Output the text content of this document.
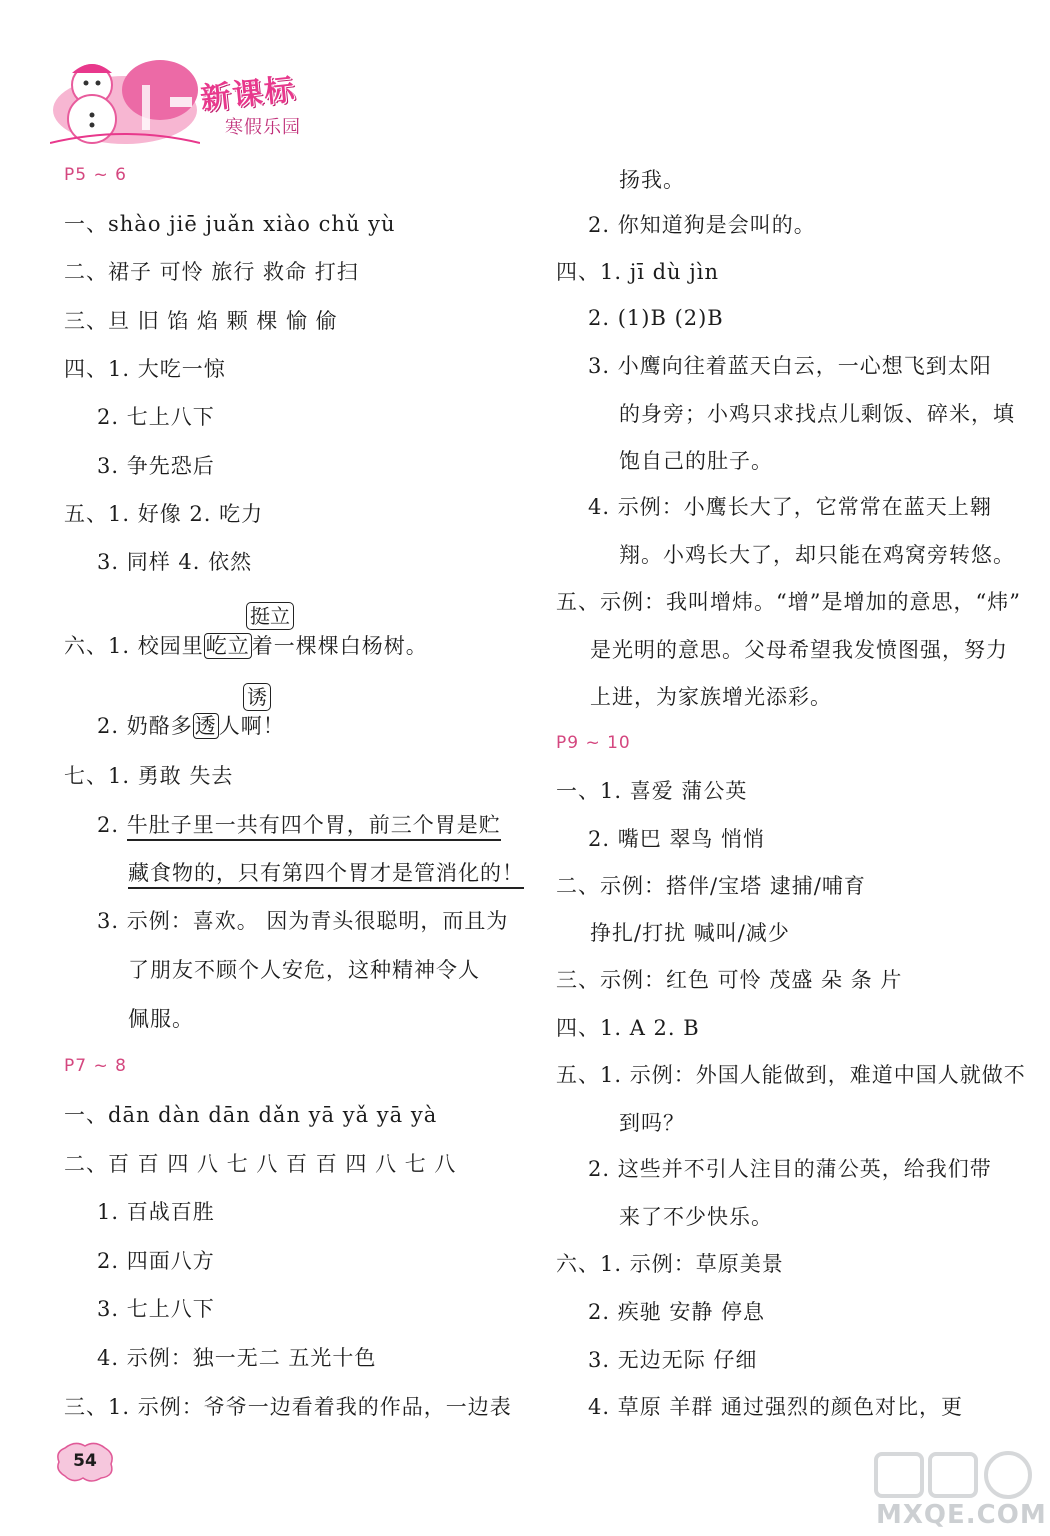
新课标
寒假乐园
P5 ~ 6
一、shào jiē juǎn xiào chǔ yù
二、裙子 可怜 旅行 救命 打扫
三、旦 旧 馅 焰 颗 棵 愉 偷
四、1. 大吃一惊
2. 七上八下
3. 争先恐后
五、1. 好像 2. 吃力
3. 同样 4. 依然
挺立
六、1. 校园里屹立着一棵棵白杨树。
诱
2. 奶酪多透人啊！
七、1. 勇敢 失去
2. 牛肚子里一共有四个胃，前三个胃是贮
藏食物的，只有第四个胃才是管消化的！
3. 示例：喜欢。 因为青头很聪明，而且为
了朋友不顾个人安危，这种精神令人
佩服。
P7 ~ 8
一、dān dàn dān dǎn yā yǎ yā yà
二、百 百 四 八 七 八 百 百 四 八 七 八
1. 百战百胜
2. 四面八方
3. 七上八下
4. 示例：独一无二 五光十色
三、1. 示例：爷爷一边看着我的作品，一边表
扬我。
2. 你知道狗是会叫的。
四、1. jī dù jìn
2. (1)B (2)B
3. 小鹰向往着蓝天白云，一心想飞到太阳
的身旁；小鸡只求找点儿剩饭、碎米，填
饱自己的肚子。
4. 示例：小鹰长大了，它常常在蓝天上翱
翔。小鸡长大了，却只能在鸡窝旁转悠。
五、示例：我叫增炜。“增”是增加的意思，“炜”
是光明的意思。父母希望我发愤图强，努力
上进，为家族增光添彩。
P9 ~ 10
一、1. 喜爱 蒲公英
2. 嘴巴 翠鸟 悄悄
二、示例：搭伴/宝塔 逮捕/哺育
挣扎/打扰 喊叫/减少
三、示例：红色 可怜 茂盛 朵 条 片
四、1. A 2. B
五、1. 示例：外国人能做到，难道中国人就做不
到吗？
2. 这些并不引人注目的蒲公英，给我们带
来了不少快乐。
六、1. 示例：草原美景
2. 疾驰 安静 停息
3. 无边无际 仔细
4. 草原 羊群 通过强烈的颜色对比，更
54
MXQE.COM
